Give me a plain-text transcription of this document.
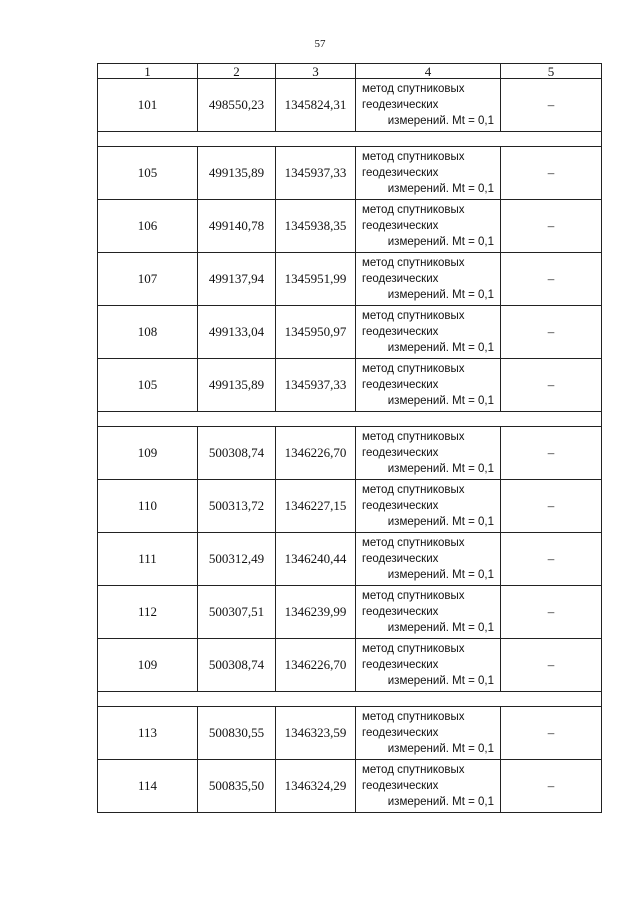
57
1	2	3	4	5
101	498550,23	1345824,31	метод спутниковых
геодезических
измерений. Mt = 0,1	–

105	499135,89	1345937,33	метод спутниковых
геодезических
измерений. Mt = 0,1	–
106	499140,78	1345938,35	метод спутниковых
геодезических
измерений. Mt = 0,1	–
107	499137,94	1345951,99	метод спутниковых
геодезических
измерений. Mt = 0,1	–
108	499133,04	1345950,97	метод спутниковых
геодезических
измерений. Mt = 0,1	–
105	499135,89	1345937,33	метод спутниковых
геодезических
измерений. Mt = 0,1	–

109	500308,74	1346226,70	метод спутниковых
геодезических
измерений. Mt = 0,1	–
110	500313,72	1346227,15	метод спутниковых
геодезических
измерений. Mt = 0,1	–
111	500312,49	1346240,44	метод спутниковых
геодезических
измерений. Mt = 0,1	–
112	500307,51	1346239,99	метод спутниковых
геодезических
измерений. Mt = 0,1	–
109	500308,74	1346226,70	метод спутниковых
геодезических
измерений. Mt = 0,1	–

113	500830,55	1346323,59	метод спутниковых
геодезических
измерений. Mt = 0,1	–
114	500835,50	1346324,29	метод спутниковых
геодезических
измерений. Mt = 0,1	–
